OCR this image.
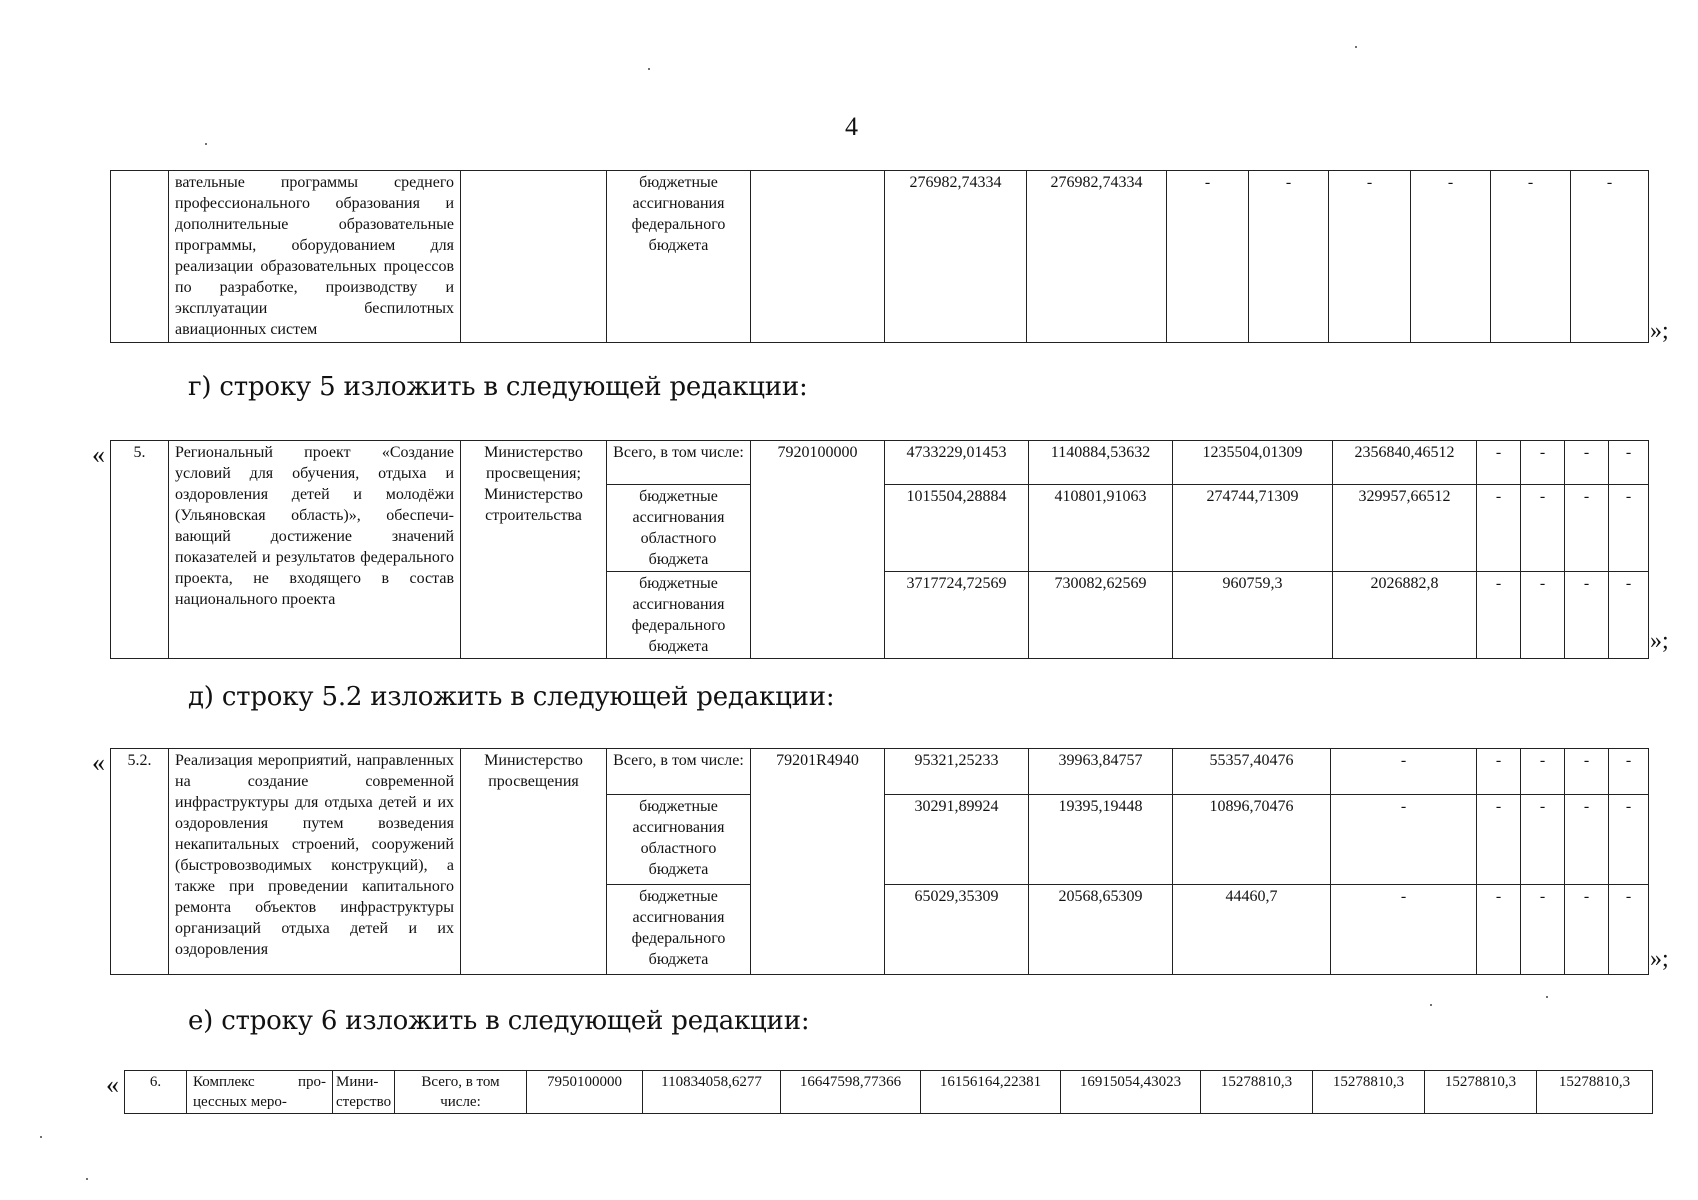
4
	вательные программы среднего профессионального образования и дополнительные образовательные программы, оборудованием для реализации образовательных процессов по разработке, производству и эксплуатации беспилотных авиационных систем		бюджетные ассигнования федерального бюджета		276982,74334	276982,74334	-	-	-	-	-	-
»;
г) строку 5 изложить в следующей редакции:
« 5.	Региональный проект «Создание условий для обучения, отдыха и оздоровления детей и молодёжи (Ульяновская область)», обеспечивающий достижение значений показателей и результатов федерального проекта, не входящего в состав национального проекта	Министерство просвещения; Министерство строительства	Всего, в том числе:	7920100000	4733229,01453	1140884,53632	1235504,01309	2356840,46512	-	-	-	-
			бюджетные ассигнования областного бюджета		1015504,28884	410801,91063	274744,71309	329957,66512	-	-	-	-
			бюджетные ассигнования федерального бюджета		3717724,72569	730082,62569	960759,3	2026882,8	-	-	-	-
»;
д) строку 5.2 изложить в следующей редакции:
« 5.2.	Реализация мероприятий, направленных на создание современной инфраструктуры для отдыха детей и их оздоровления путем возведения некапитальных строений, сооружений (быстровозводимых конструкций), а также при проведении капитального ремонта объектов инфраструктуры организаций отдыха детей и их оздоровления	Министерство просвещения	Всего, в том числе:	79201R4940	95321,25233	39963,84757	55357,40476	-	-	-	-	-
			бюджетные ассигнования областного бюджета		30291,89924	19395,19448	10896,70476	-	-	-	-	-
			бюджетные ассигнования федерального бюджета		65029,35309	20568,65309	44460,7	-	-	-	-	-
»;
е) строку 6 изложить в следующей редакции:
« 6.	Комплекс процессных меро-	Министерство	Всего, в том числе:	7950100000	110834058,6277	16647598,77366	16156164,22381	16915054,43023	15278810,3	15278810,3	15278810,3	15278810,3
